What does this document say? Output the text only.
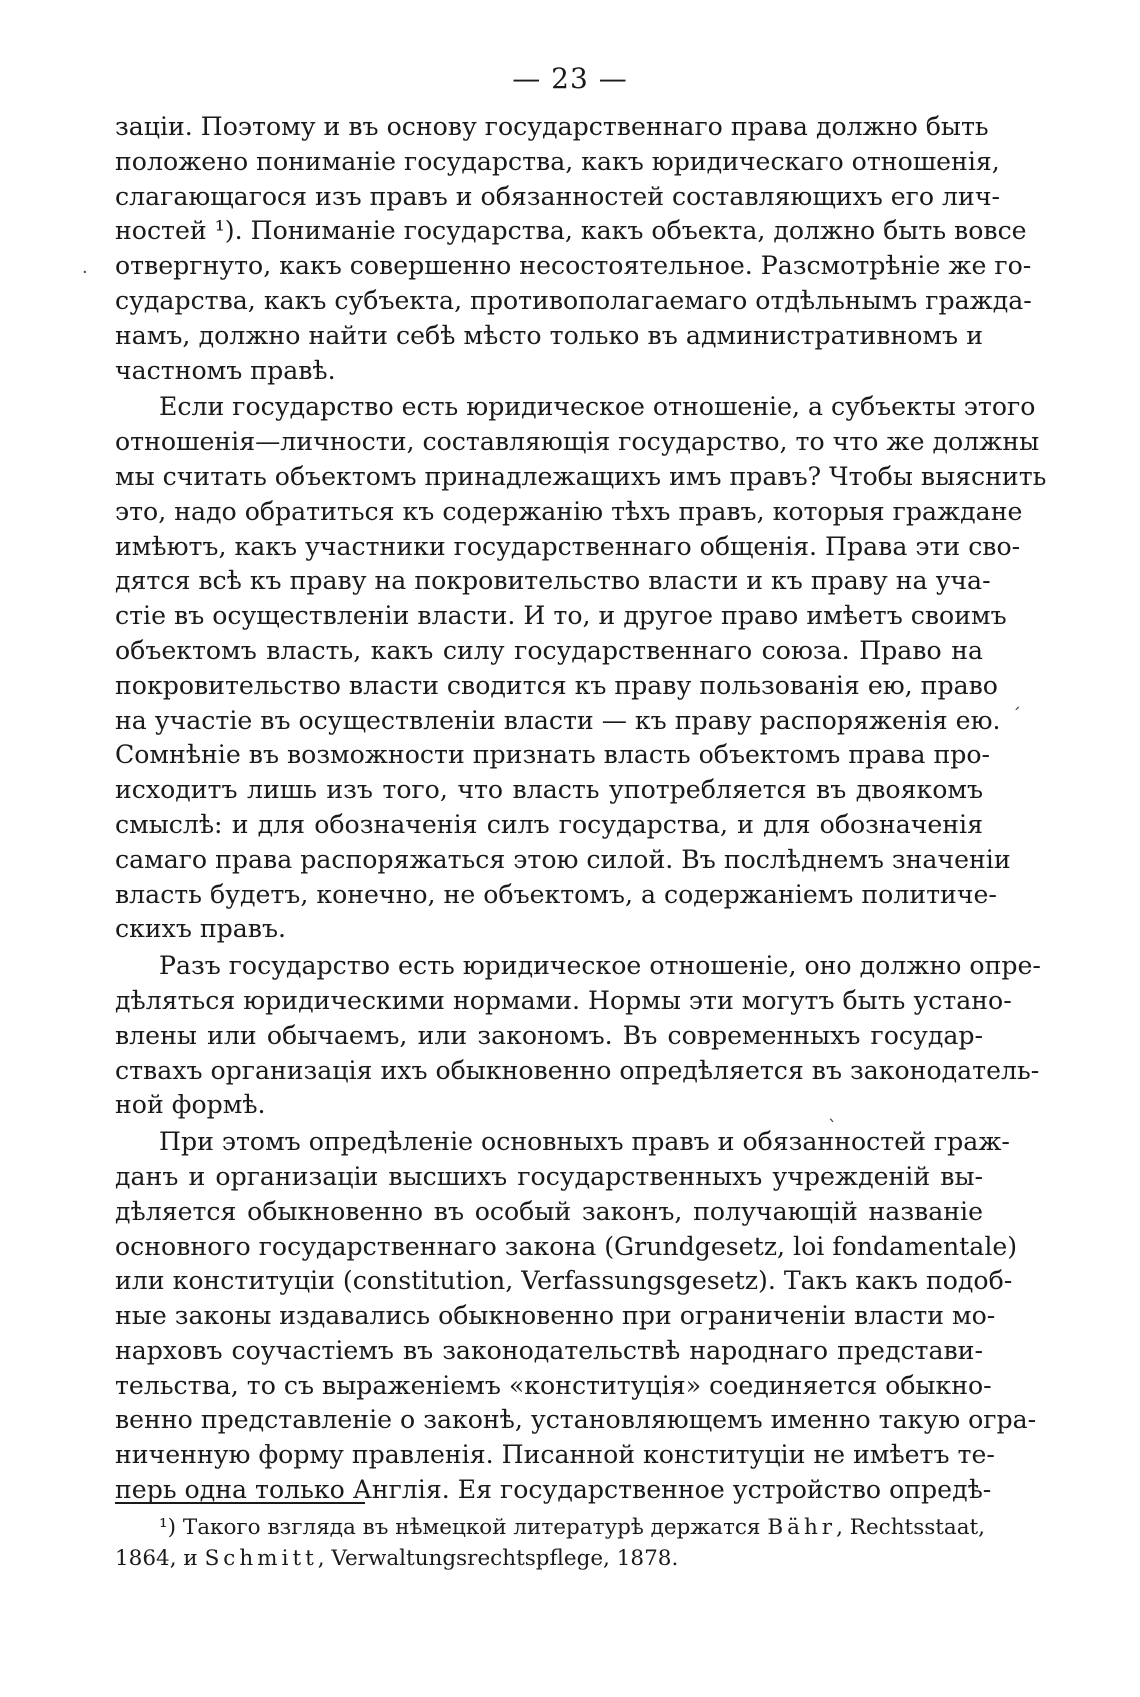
— 23 —
заціи. Поэтому и въ основу государственнаго права должно быть
положено пониманіе государства, какъ юридическаго отношенія,
слагающагося изъ правъ и обязанностей составляющихъ его лич-
ностей ¹). Пониманіе государства, какъ объекта, должно быть вовсе
отвергнуто, какъ совершенно несостоятельное. Разсмотрѣніе же го-
сударства, какъ субъекта, противополагаемаго отдѣльнымъ гражда-
намъ, должно найти себѣ мѣсто только въ административномъ и
частномъ правѣ.
Если государство есть юридическое отношеніе, а субъекты этого
отношенія—личности, составляющія государство, то что же должны
мы считать объектомъ принадлежащихъ имъ правъ? Чтобы выяснить
это, надо обратиться къ содержанію тѣхъ правъ, которыя граждане
имѣютъ, какъ участники государственнаго общенія. Права эти сво-
дятся всѣ къ праву на покровительство власти и къ праву на уча-
стіе въ осуществленіи власти. И то, и другое право имѣетъ своимъ
объектомъ власть, какъ силу государственнаго союза. Право на
покровительство власти сводится къ праву пользованія ею, право
на участіе въ осуществленіи власти — къ праву распоряженія ею.
Сомнѣніе въ возможности признать власть объектомъ права про-
исходитъ лишь изъ того, что власть употребляется въ двоякомъ
смыслѣ: и для обозначенія силъ государства, и для обозначенія
самаго права распоряжаться этою силой. Въ послѣднемъ значеніи
власть будетъ, конечно, не объектомъ, а содержаніемъ политиче-
скихъ правъ.
Разъ государство есть юридическое отношеніе, оно должно опре-
дѣляться юридическими нормами. Нормы эти могутъ быть устано-
влены или обычаемъ, или закономъ. Въ современныхъ государ-
ствахъ организація ихъ обыкновенно опредѣляется въ законодатель-
ной формѣ.
При этомъ опредѣленіе основныхъ правъ и обязанностей граж-
данъ и организаціи высшихъ государственныхъ учрежденій вы-
дѣляется обыкновенно въ особый законъ, получающій названіе
основного государственнаго закона (Grundgesetz, loi fondamentale)
или конституціи (constitution, Verfassungsgesetz). Такъ какъ подоб-
ные законы издавались обыкновенно при ограниченіи власти мо-
нарховъ соучастіемъ въ законодательствѣ народнаго представи-
тельства, то съ выраженіемъ «конституція» соединяется обыкно-
венно представленіе о законѣ, установляющемъ именно такую огра-
ниченную форму правленія. Писанной конституціи не имѣетъ те-
перь одна только Англія. Ея государственное устройство опредѣ-
¹) Такого взгляда въ нѣмецкой литературѣ держатся Bähr, Rechtsstaat,
1864, и Schmitt, Verwaltungsrechtspflege, 1878.
·
ˏ
ˎ
